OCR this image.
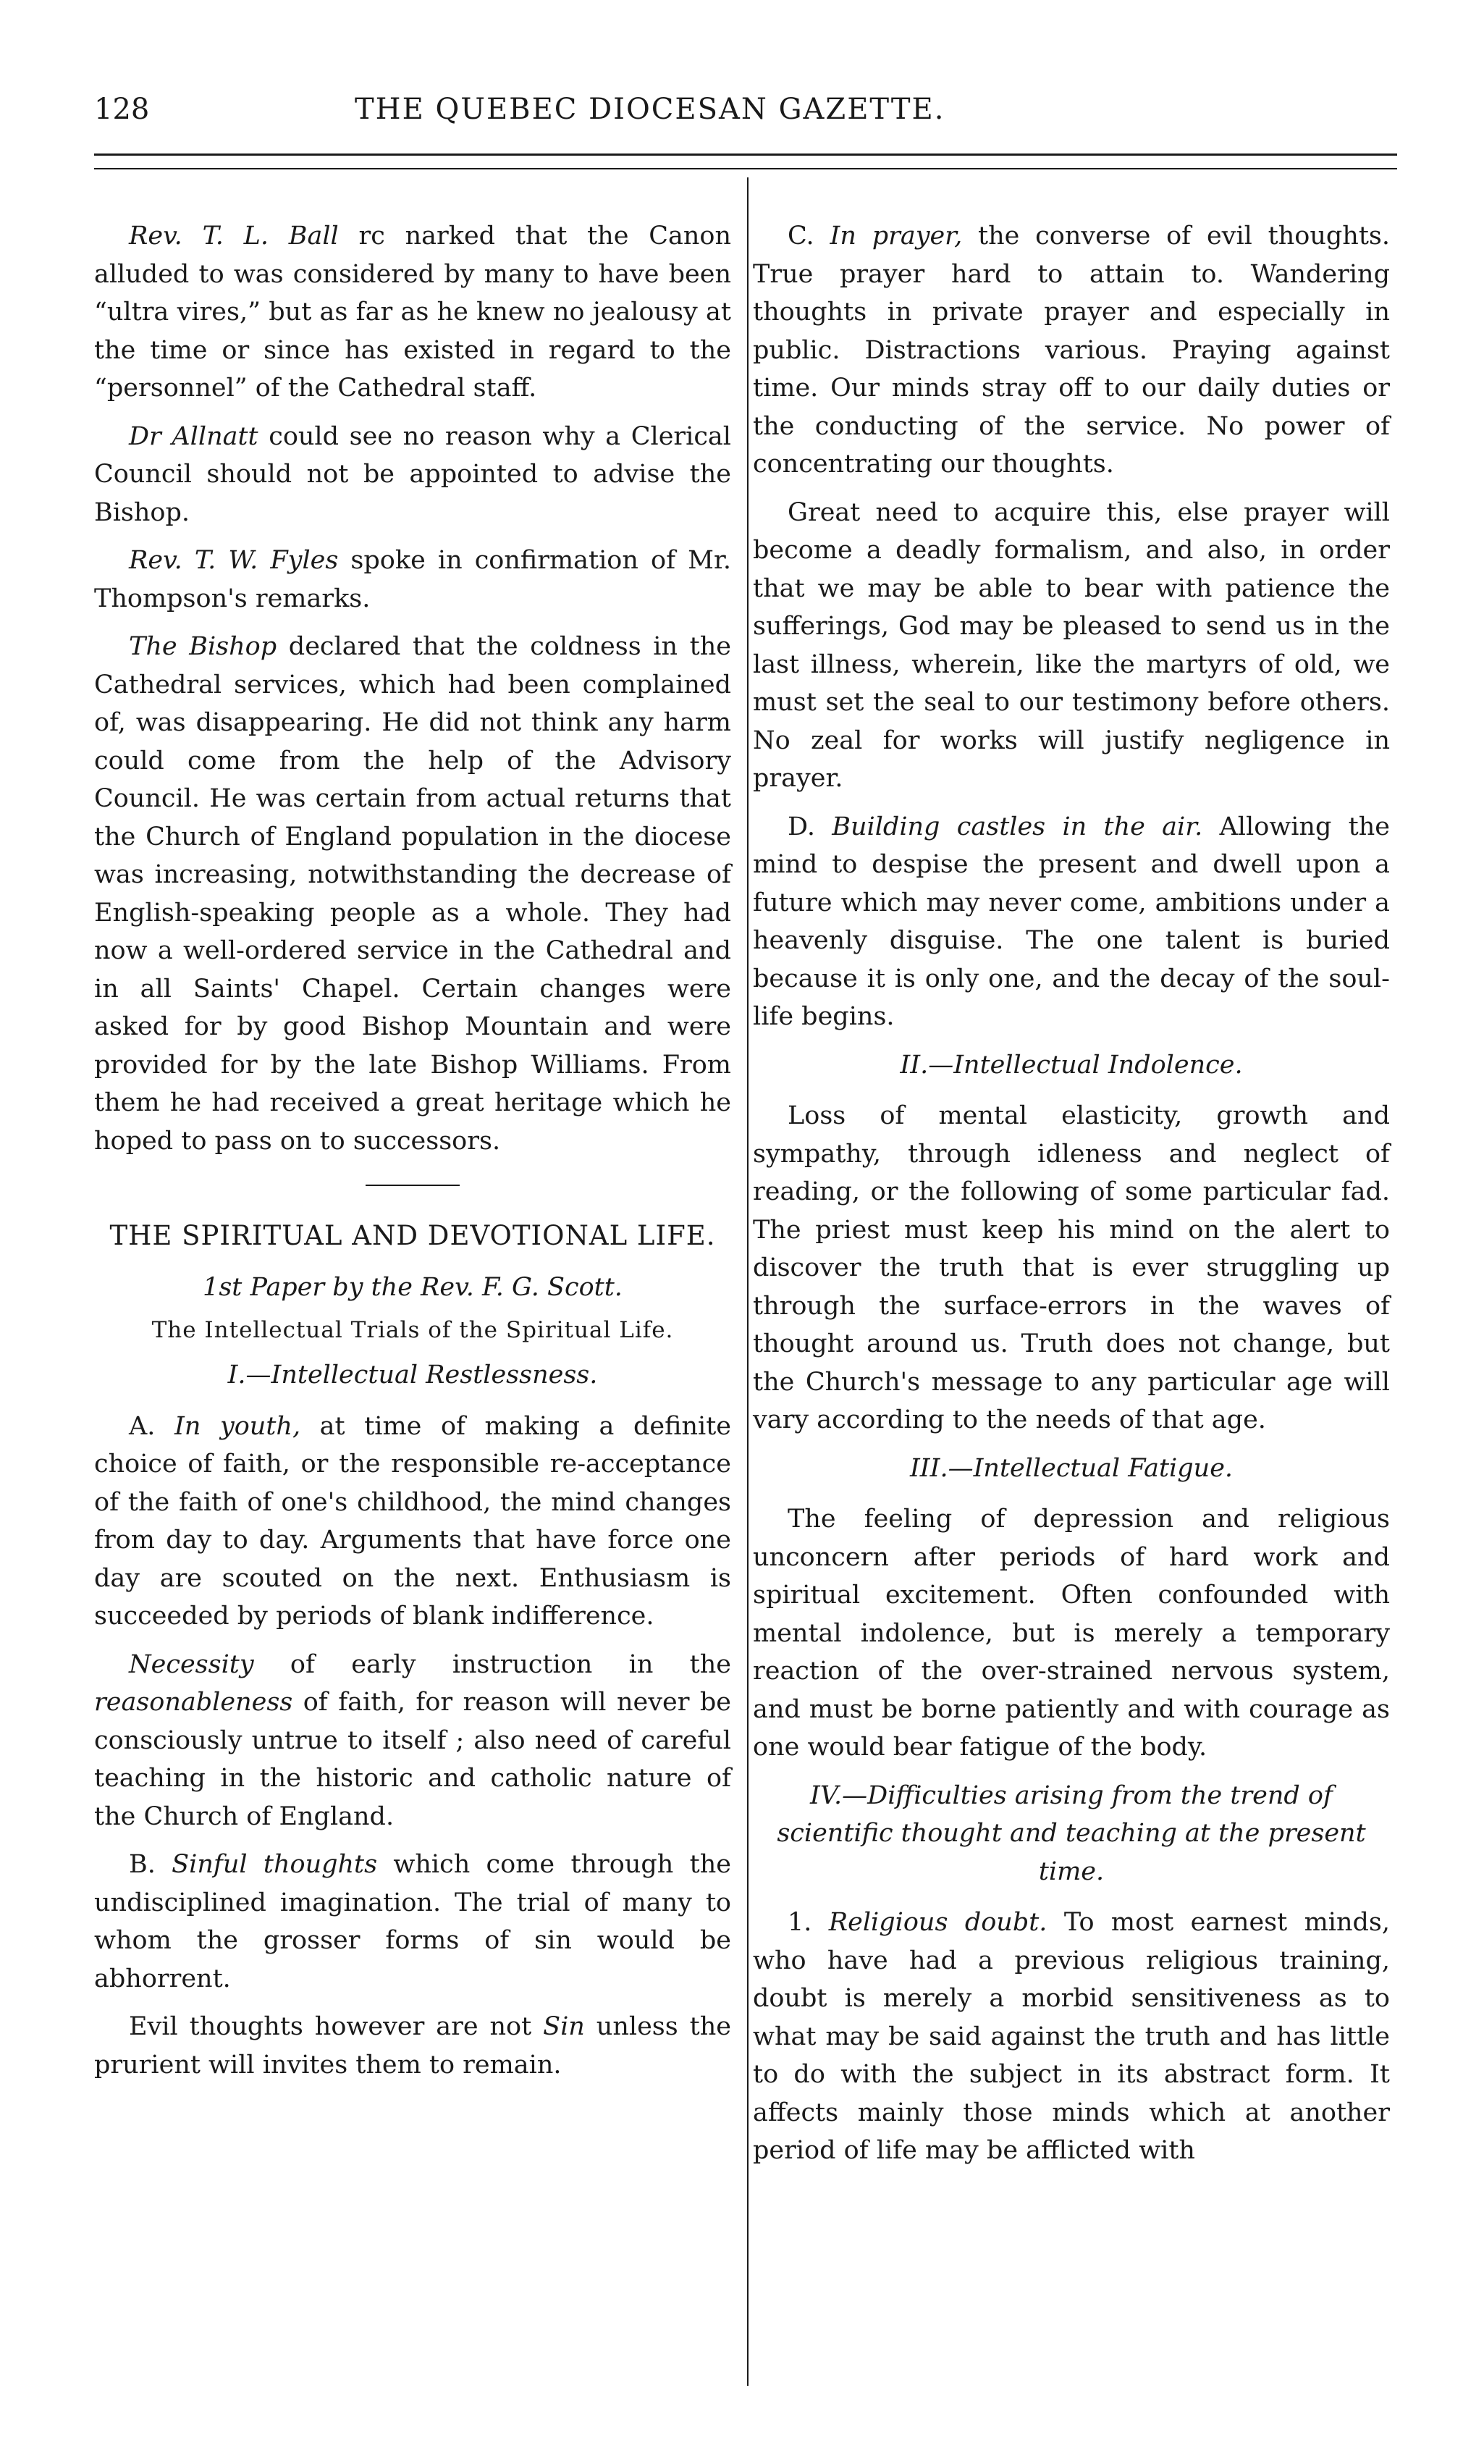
128	THE QUEBEC DIOCESAN GAZETTE.

Rev. T. L. Ball rc narked that the Canon alluded to was considered by many to have been “ultra vires,” but as far as he knew no jealousy at the time or since has existed in regard to the “personnel” of the Cathedral staff.

Dr Allnatt could see no reason why a Clerical Council should not be appointed to advise the Bishop.

Rev. T. W. Fyles spoke in confirmation of Mr. Thompson's remarks.

The Bishop declared that the coldness in the Cathedral services, which had been complained of, was disappearing. He did not think any harm could come from the help of the Advisory Council. He was certain from actual returns that the Church of England population in the diocese was increasing, notwithstanding the decrease of English-speaking people as a whole. They had now a well-ordered service in the Cathedral and in all Saints' Chapel. Certain changes were asked for by good Bishop Mountain and were provided for by the late Bishop Williams. From them he had received a great heritage which he hoped to pass on to successors.

THE SPIRITUAL AND DEVOTIONAL LIFE.
1st Paper by the Rev. F. G. Scott.
The Intellectual Trials of the Spiritual Life.
I.—Intellectual Restlessness.

A. In youth, at time of making a definite choice of faith, or the responsible re-acceptance of the faith of one's childhood, the mind changes from day to day. Arguments that have force one day are scouted on the next. Enthusiasm is succeeded by periods of blank indifference.

Necessity of early instruction in the reasonableness of faith, for reason will never be consciously untrue to itself ; also need of careful teaching in the historic and catholic nature of the Church of England.

B. Sinful thoughts which come through the undisciplined imagination. The trial of many to whom the grosser forms of sin would be abhorrent.

Evil thoughts however are not Sin unless the prurient will invites them to remain.

C. In prayer, the converse of evil thoughts. True prayer hard to attain to. Wandering thoughts in private prayer and especially in public. Distractions various. Praying against time. Our minds stray off to our daily duties or the conducting of the service. No power of concentrating our thoughts.

Great need to acquire this, else prayer will become a deadly formalism, and also, in order that we may be able to bear with patience the sufferings, God may be pleased to send us in the last illness, wherein, like the martyrs of old, we must set the seal to our testimony before others. No zeal for works will justify negligence in prayer.

D. Building castles in the air. Allowing the mind to despise the present and dwell upon a future which may never come, ambitions under a heavenly disguise. The one talent is buried because it is only one, and the decay of the soul-life begins.

II.—Intellectual Indolence.

Loss of mental elasticity, growth and sympathy, through idleness and neglect of reading, or the following of some particular fad. The priest must keep his mind on the alert to discover the truth that is ever struggling up through the surface-errors in the waves of thought around us. Truth does not change, but the Church's message to any particular age will vary according to the needs of that age.

III.—Intellectual Fatigue.

The feeling of depression and religious unconcern after periods of hard work and spiritual excitement. Often confounded with mental indolence, but is merely a temporary reaction of the over-strained nervous system, and must be borne patiently and with courage as one would bear fatigue of the body.

IV.—Difficulties arising from the trend of scientific thought and teaching at the present time.

1. Religious doubt. To most earnest minds, who have had a previous religious training, doubt is merely a morbid sensitiveness as to what may be said against the truth and has little to do with the subject in its abstract form. It affects mainly those minds which at another period of life may be afflicted with
